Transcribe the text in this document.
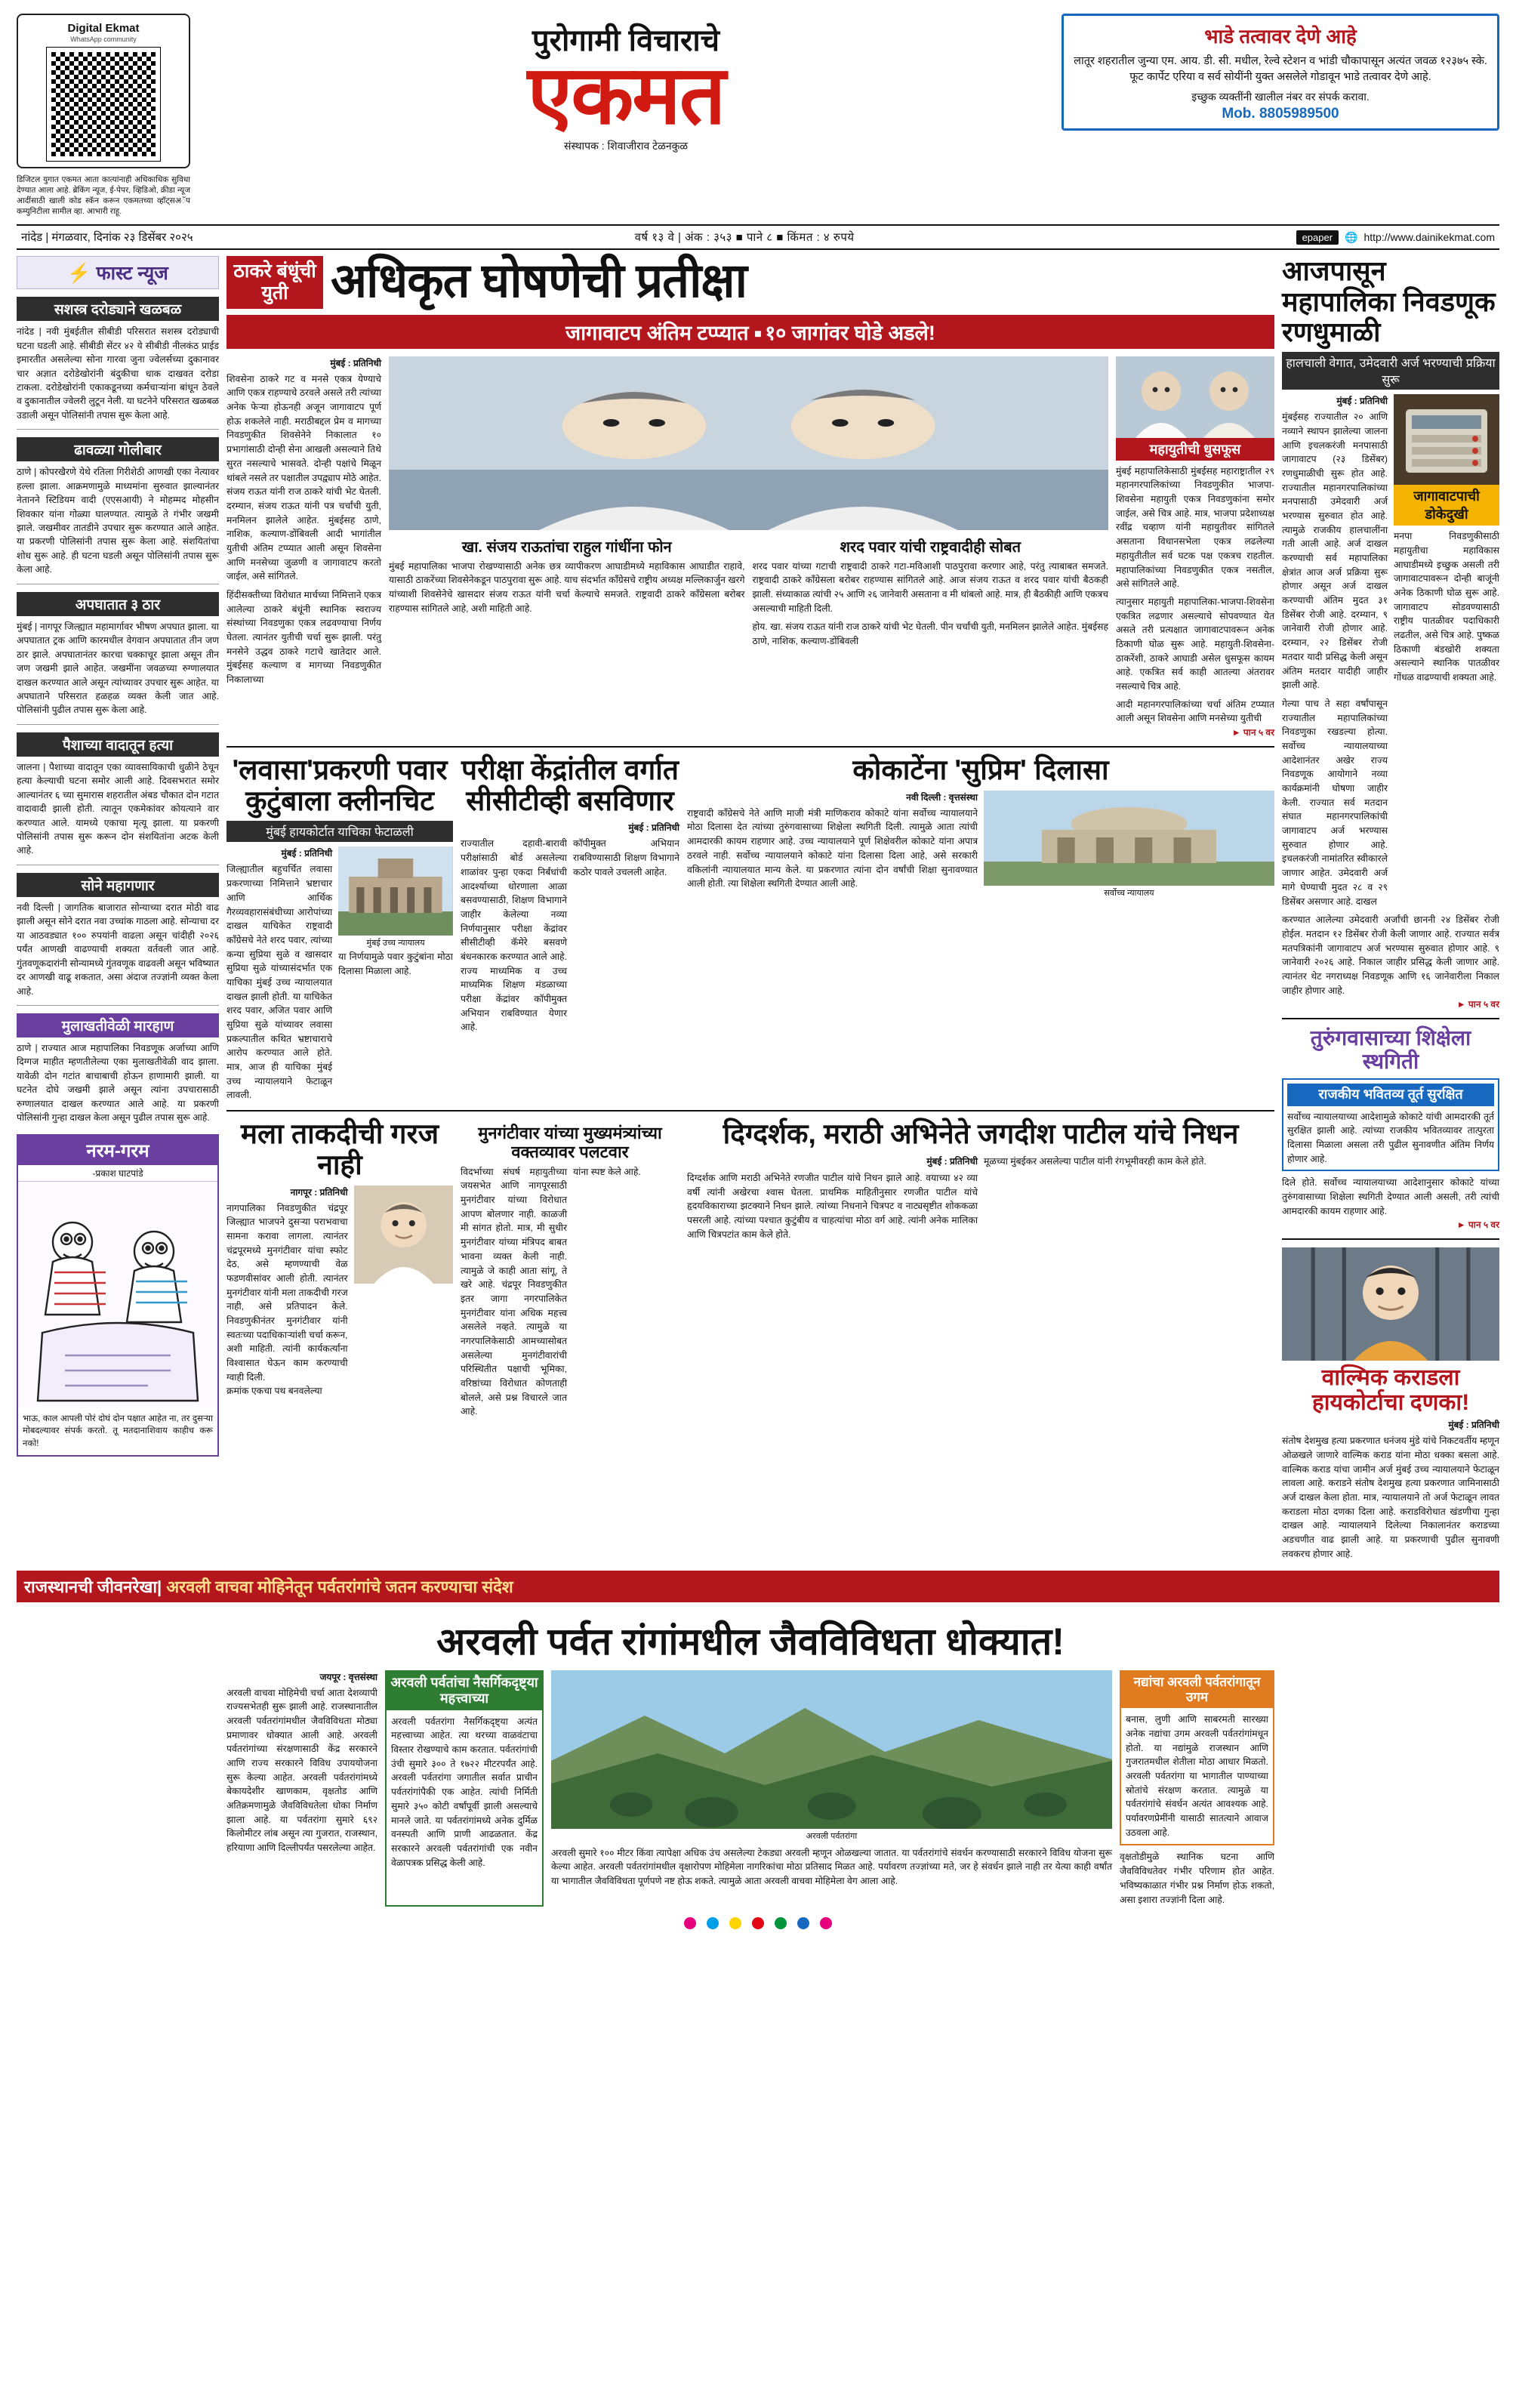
Digital Ekmat
WhatsApp community
डिजिटल युगात एकमत आता कात्यांनाही अधिकाधिक सुविधा देण्यात आला आहे. ब्रेकिंग न्यूज, ई-पेपर, व्हिडिओ, क्रीडा न्यूज आदींसाठी खाली कोड स्कॅन करून एकमतच्या व्हॉट्सअॅप कम्युनिटीला सामील व्हा. आभारी राहू.
पुरोगामी विचाराचे
एकमत
संस्थापक : शिवाजीराव टेळनकुळ
भाडे तत्वावर देणे आहे
लातूर शहरातील जुन्या एम. आय. डी. सी. मधील, रेल्वे स्टेशन व भांडी चौकापासून अत्यंत जवळ १२३७५ स्के. फूट कार्पेट एरिया व सर्व सोयींनी युक्त असलेले गोडावून भाडे तत्वावर देणे आहे.
इच्छुक व्यक्तींनी खालील नंबर वर संपर्क करावा.
Mob. 8805989500
नांदेड | मंगळवार, दिनांक २३ डिसेंबर २०२५	वर्ष १३ वे | अंक : ३५३ ■ पाने ८ ■ किंमत : ४ रुपये	epaper	🌐 http://www.dainikekmat.com
⚡ फास्ट न्यूज
सशस्त्र दरोड्याने खळबळ
नांदेड | नवी मुंबईतील सीबीडी परिसरात सशस्त्र दरोड्याची घटना घडली आहे. सीबीडी सेंटर ४२ ये सीबीडी नीलकंठ प्राईड इमारतीत असलेल्या सोना गारवा जुना ज्वेलर्सच्या दुकानावर चार अज्ञात दरोडेखोरांनी बंदुकीचा धाक दाखवत दरोडा टाकला. दरोडेखोरांनी एकाकडूनच्या कर्मचाऱ्यांना बांधून ठेवले व दुकानातील ज्वेलरी लुटून नेली. या घटनेने परिसरात खळबळ उडाली असून पोलिसांनी तपास सुरू केला आहे.
ढावळ्या गोलीबार
ठाणे | कोपरखैरणे येथे रतिला गिरीशेठी आणखी एका नेत्यावर हल्ला झाला. आक्रमणामुळे माध्यमांना सुरुवात झाल्यानंतर नेतानने स्टिडियम वादी (एएसआयी) ने मोहम्मद मोहसीन शिवकार यांना गोळ्या घालण्यात. त्यामुळे ते गंभीर जखमी झाले. जखमीवर तातडीने उपचार सुरू करण्यात आले आहेत. या प्रकरणी पोलिसांनी तपास सुरू केला आहे. संशयितांचा शोध सुरू आहे. ही घटना घडली असून पोलिसांनी तपास सुरू केला आहे.
अपघातात ३ ठार
मुंबई | नागपूर जिल्ह्यात महामार्गावर भीषण अपघात झाला. या अपघातात ट्रक आणि कारमधील वेगवान अपघातात तीन जण ठार झाले. अपघातानंतर कारचा चक्काचूर झाला असून तीन जण जखमी झाले आहेत. जखमींना जवळच्या रुग्णालयात दाखल करण्यात आले असून त्यांच्यावर उपचार सुरू आहेत. या अपघाताने परिसरात हळहळ व्यक्त केली जात आहे. पोलिसांनी पुढील तपास सुरू केला आहे.
पैशाच्या वादातून हत्या
जालना | पैशाच्या वादातून एका व्यावसायिकाची धुळीने ठेचून हत्या केल्याची घटना समोर आली आहे. दिवसभरात समोर आल्यानंतर ६ च्या सुमारास शहरातील अंबड चौकात दोन गटात वादावादी झाली होती. त्यातून एकमेकांवर कोयत्याने वार करण्यात आले. यामध्ये एकाचा मृत्यू झाला. या प्रकरणी पोलिसांनी तपास सुरू करून दोन संशयितांना अटक केली आहे.
सोने महागणार
नवी दिल्ली | जागतिक बाजारात सोन्याच्या दरात मोठी वाढ झाली असून सोने दरात नवा उच्चांक गाठला आहे. सोन्याचा दर या आठवड्यात १०० रुपयांनी वाढला असून चांदीही २०२६ पर्यंत आणखी वाढण्याची शक्यता वर्तवली जात आहे. गुंतवणूकदारांनी सोन्यामध्ये गुंतवणूक वाढवली असून भविष्यात दर आणखी वाढू शकतात, असा अंदाज तज्ज्ञांनी व्यक्त केला आहे.
मुलाखतीवेळी मारहाण
ठाणे | राज्यात आज महापालिका निवडणूक अर्जाच्या आणि दिग्गज माहीत म्हणतीलेल्या एका मुलाखतीवेळी वाद झाला. यावेळी दोन गटांत बाचाबाची होऊन हाणामारी झाली. या घटनेत दोघे जखमी झाले असून त्यांना उपचारासाठी रुग्णालयात दाखल करण्यात आले आहे. या प्रकरणी पोलिसांनी गुन्हा दाखल केला असून पुढील तपास सुरू आहे.
नरम-गरम
-प्रकाश घाटपांडे
भाऊ, काल आपली पोरं दोघं दोन पक्षात आहेत ना, तर दुसऱ्या मोबदल्यावर संपर्क करतो. तू मतदानाशिवाय काहीच करू नको!
ठाकरे बंधूंची युती अधिकृत घोषणेची प्रतीक्षा
जागावाटप अंतिम टप्प्यात ■ १० जागांवर घोडे अडले!
मुंबई : प्रतिनिधी
शिवसेना ठाकरे गट व मनसे एकत्र येण्याचे आणि एकत्र राहण्याचे ठरवले असले तरी त्यांच्या अनेक फेऱ्या होऊनही अजून जागावाटप पूर्ण होऊ शकलेले नाही. मराठीबद्दल प्रेम व मागच्या निवडणुकीत शिवसेनेने निकालात १० प्रभागांसाठी दोन्ही सेना आखली असल्याने तिथे सुरत नसल्याचे भासवते. दोन्ही पक्षांचे मिळून थांबले नसले तर पक्षातील उपद्व्याप मोठे आहेत. संजय राऊत यांनी राज ठाकरे यांची भेट घेतली. दरम्यान, संजय राऊत यांनी पत्र चर्चांची युती, मनमिलन झालेले आहेत. मुंबईसह ठाणे, नाशिक, कल्याण-डोंबिवली आदी भागांतील युतीची अंतिम टप्प्यात आली असून शिवसेना आणि मनसेच्या जुळणी व जागावाटप करतो जाईल, असे सांगितले.
हिंदीसक्तीच्या विरोधात मार्चच्या निमित्ताने एकत्र आलेल्या ठाकरे बंधूंनी स्थानिक स्वराज्य संस्थांच्या निवडणुका एकत्र लढवण्याचा निर्णय घेतला. त्यानंतर युतीची चर्चा सुरू झाली. परंतु मनसेने उद्धव ठाकरे गटाचे खातेदार आले. मुंबईसह कल्याण व मागच्या निवडणुकीत निकालाच्या
खा. संजय राऊतांचा राहुल गांधींना फोन
मुंबई महापालिका भाजपा रोखण्यासाठी अनेक छत्र व्यापीकरण आघाडीमध्ये महाविकास आघाडीत राहावे, यासाठी ठाकरेंच्या शिवसेनेकडून पाठपुरावा सुरू आहे. याच संदर्भात काँग्रेसचे राष्ट्रीय अध्यक्ष मल्लिकार्जुन खरगे यांच्याशी शिवसेनेचे खासदार संजय राऊत यांनी चर्चा केल्याचे समजते. राष्ट्रवादी ठाकरे काँग्रेसला बरोबर राहण्यास सांगितले आहे, अशी माहिती आहे.
शरद पवार यांची राष्ट्रवादीही सोबत
शरद पवार यांच्या गटाची राष्ट्रवादी ठाकरे गटा-मविआशी पाठपुरावा करणार आहे, परंतु त्याबाबत समजते. राष्ट्रवादी ठाकरे काँग्रेसला बरोबर राहण्यास सांगितले आहे. आज संजय राऊत व शरद पवार यांची बैठकही झाली. संध्याकाळ त्यांची २५ आणि २६ जानेवारी असताना व मी थांबलो आहे. मात्र, ही बैठकीही आणि एकत्रच असल्याची माहिती दिली.
होय. खा. संजय राऊत यांनी राज ठाकरे यांची भेट घेतली. पीन चर्चांची युती, मनमिलन झालेले आहेत. मुंबईसह ठाणे, नाशिक, कल्याण-डोंबिवली
महायुतीची धुसफूस
मुंबई महापालिकेसाठी मुंबईसह महाराष्ट्रातील २९ महानगरपालिकांच्या निवडणुकीत भाजपा-शिवसेना महायुती एकत्र निवडणुकांना समोर जाईल, असे चित्र आहे. मात्र, भाजपा प्रदेशाध्यक्ष रवींद्र चव्हाण यांनी महायुतीवर सांगितले असताना विधानसभेला एकत्र लढलेल्या महायुतीतील सर्व घटक पक्ष एकत्रच राहतील. महापालिकांच्या निवडणुकीत एकत्र नसतील, असे सांगितले आहे.
त्यानुसार महायुती महापालिका-भाजपा-शिवसेना एकत्रित लढणार असल्याचे सोपवण्यात येत असले तरी प्रत्यक्षात जागावाटपावरून अनेक ठिकाणी घोळ सुरू आहे. महायुती-शिवसेना-ठाकरेंशी, ठाकरे आघाडी असेल धुसफूस कायम आहे. एकत्रित सर्व काही आतल्या अंतरावर नसल्याचे चित्र आहे.
आदी महानगरपालिकांच्या चर्चा अंतिम टप्प्यात आली असून शिवसेना आणि मनसेच्या युतीची
► पान ५ वर
'लवासा'प्रकरणी पवार कुटुंबाला क्लीनचिट
मुंबई हायकोर्टात याचिका फेटाळली
मुंबई : प्रतिनिधी
जिल्ह्यातील बहुचर्चित लवासा प्रकरणाच्या निमित्ताने भ्रष्टाचार आणि आर्थिक गैरव्यवहारासंबंधीच्या आरोपांच्या दाखल याचिकेत राष्ट्रवादी काँग्रेसचे नेते शरद पवार, त्यांच्या कन्या सुप्रिया सुळे व खासदार सुप्रिया सुळे यांच्यासंदर्भात एक याचिका मुंबई उच्च न्यायालयात दाखल झाली होती. या याचिकेत शरद पवार, अजित पवार आणि सुप्रिया सुळे यांच्यावर लवासा प्रकल्पातील कथित भ्रष्टाचाराचे आरोप करण्यात आले होते. मात्र, आज ही याचिका मुंबई उच्च न्यायालयाने फेटाळून लावली.
मुंबई उच्च न्यायालय
या निर्णयामुळे पवार कुटुंबांना मोठा दिलासा मिळाला आहे.
परीक्षा केंद्रांतील वर्गात सीसीटीव्ही बसविणार
मुंबई : प्रतिनिधी
राज्यातील दहावी-बारावी परीक्षांसाठी बोर्ड असलेल्या शाळांवर पुन्हा एकदा निर्बंधांची आदर्श्याच्या धोरणाला आळा बसवण्यासाठी, शिक्षण विभागाने जाहीर केलेल्या नव्या निर्णयानुसार परीक्षा केंद्रांवर सीसीटीव्ही कॅमेरे बसवणे बंधनकारक करण्यात आले आहे. राज्य माध्यमिक व उच्च माध्यमिक शिक्षण मंडळाच्या परीक्षा केंद्रांवर कॉपीमुक्त अभियान राबविण्यात येणार आहे.
कॉपीमुक्त अभियान राबविण्यासाठी शिक्षण विभागाने कठोर पावले उचलली आहेत.
कोकाटेंना 'सुप्रिम' दिलासा
नवी दिल्ली : वृत्तसंस्था
राष्ट्रवादी काँग्रेसचे नेते आणि माजी मंत्री माणिकराव कोकाटे यांना सर्वोच्च न्यायालयाने मोठा दिलासा देत त्यांच्या तुरुंगवासाच्या शिक्षेला स्थगिती दिली. त्यामुळे आता त्यांची आमदारकी कायम राहणार आहे. उच्च न्यायालयाने पूर्ण शिक्षेवरील कोकाटे यांना अपात्र ठरवले नाही. सर्वोच्च न्यायालयाने कोकाटे यांना दिलासा दिला आहे, असे सरकारी वकिलांनी न्यायालयात मान्य केले. या प्रकरणात त्यांना दोन वर्षांची शिक्षा सुनावण्यात आली होती. त्या शिक्षेला स्थगिती देण्यात आली आहे.
सर्वोच्च न्यायालय
मला ताकदीची गरज नाही
नागपूर : प्रतिनिधी
नागपालिका निवडणुकीत चंद्रपूर जिल्ह्यात भाजपने दुसऱ्या पराभवाचा सामना करावा लागला. त्यानंतर चंद्रपूरमध्ये मुनगंटीवार यांचा स्फोट देठ, असे म्हणण्याची वेळ फडणवीसांवर आली होती. त्यानंतर मुनगंटीवार यांनी मला ताकदीची गरज नाही, असे प्रतिपादन केले. निवडणुकीनंतर मुनगंटीवार यांनी स्वतःच्या पदाधिकाऱ्यांशी चर्चा करून, अशी माहिती. त्यांनी कार्यकर्त्यांना विश्वासात घेऊन काम करण्याची ग्वाही दिली.
क्रमांक एकचा पथ बनवलेल्या
मुनगंटीवार यांच्या मुख्यमंत्र्यांच्या वक्तव्यावर पलटवार
विदर्भाच्या संघर्ष महायुतीच्या जयसभेत आणि नागपूरसाठी मुनगंटीवार यांच्या विरोधात आपण बोलणार नाही. काळजी मी सांगत होतो. मात्र, मी सुधीर मुनगंटीवार यांच्या मंत्रिपद बाबत भावना व्यक्त केली नाही. त्यामुळे जे काही आता सांगू, ते खरे आहे. चंद्रपूर निवडणुकीत इतर जागा नगरपालिकेत मुनगंटीवार यांना अधिक महत्त्व असलेले नव्हते. त्यामुळे या नगरपालिकेसाठी आमच्यासोबत असलेल्या मुनगंटीवारांची परिस्थितीत पक्षाची भूमिका, वरिष्ठांच्या विरोधात कोणताही बोलले, असे प्रश्न विचारले जात आहे.
यांना स्पष्ट केले आहे.
दिग्दर्शक, मराठी अभिनेते जगदीश पाटील यांचे निधन
मुंबई : प्रतिनिधी
दिग्दर्शक आणि मराठी अभिनेते रणजीत पाटील यांचे निधन झाले आहे. वयाच्या ४२ व्या वर्षी त्यांनी अखेरचा श्वास घेतला. प्राथमिक माहितीनुसार रणजीत पाटील यांचे हृदयविकाराच्या झटक्याने निधन झाले. त्यांच्या निधनाने चित्रपट व नाट्यसृष्टीत शोककळा पसरली आहे. त्यांच्या पश्चात कुटुंबीय व चाहत्यांचा मोठा वर्ग आहे. त्यांनी अनेक मालिका आणि चित्रपटांत काम केले होते.
मूळच्या मुंबईकर असलेल्या पाटील यांनी रंगभूमीवरही काम केले होते.
आजपासून महापालिका निवडणूक रणधुमाळी
हालचाली वेगात, उमेदवारी अर्ज भरण्याची प्रक्रिया सुरू
मुंबई : प्रतिनिधी
मुंबईसह राज्यातील २० आणि नव्याने स्थापन झालेल्या जालना आणि इचलकरंजी मनपासाठी जागावाटप (२३ डिसेंबर) रणधुमाळीची सुरू होत आहे. राज्यातील महानगरपालिकांच्या मनपासाठी उमेदवारी अर्ज भरण्यास सुरुवात होत आहे. त्यामुळे राजकीय हालचालींना गती आली आहे. अर्ज दाखल करण्याची सर्व महापालिका क्षेत्रांत आज अर्ज प्रक्रिया सुरू होणार असून अर्ज दाखल करण्याची अंतिम मुदत ३१ डिसेंबर रोजी आहे. दरम्यान, ९ जानेवारी रोजी होणार आहे. दरम्यान, २२ डिसेंबर रोजी मतदार यादी प्रसिद्ध केली असून अंतिम मतदार यादीही जाहीर झाली आहे.
गेल्या पाच ते सहा वर्षांपासून राज्यातील महापालिकांच्या निवडणुका रखडल्या होत्या. सर्वोच्च न्यायालयाच्या आदेशानंतर अखेर राज्य निवडणूक आयोगाने नव्या कार्यक्रमांनी घोषणा जाहीर केली. राज्यात सर्व मतदान संघात महानगरपालिकांची जागावाटप अर्ज भरण्यास सुरुवात होणार आहे. इचलकरंजी नामांतरित स्वीकारले जाणार आहेत. उमेदवारी अर्ज मागे घेण्याची मुदत २८ व २९ डिसेंबर असणार आहे. दाखल
जागावाटपाची डोकेदुखी
मनपा निवडणुकीसाठी महायुतीचा महाविकास आघाडीमध्ये इच्छुक असली तरी जागावाटपावरून दोन्ही बाजूंनी अनेक ठिकाणी घोळ सुरू आहे. जागावाटप सोडवण्यासाठी राष्ट्रीय पातळीवर पदाधिकारी लढतील, असे चित्र आहे. पुष्कळ ठिकाणी बंडखोरी शक्यता असल्याने स्थानिक पातळीवर गोंधळ वाढण्याची शक्यता आहे.
करण्यात आलेल्या उमेदवारी अर्जांची छाननी २४ डिसेंबर रोजी होईल. मतदान १२ डिसेंबर रोजी केली जाणार आहे. राज्यात सर्वत्र मतपत्रिकांनी जागावाटप अर्ज भरण्यास सुरुवात होणार आहे. ९ जानेवारी २०२६ आहे. निकाल जाहीर प्रसिद्ध केली जाणार आहे. त्यानंतर थेट नगराध्यक्ष निवडणूक आणि १६ जानेवारीला निकाल जाहीर होणार आहे.
► पान ५ वर
तुरुंगवासाच्या शिक्षेला स्थगिती
राजकीय भवितव्य तूर्त सुरक्षित
सर्वोच्च न्यायालयाच्या आदेशामुळे कोकाटे यांची आमदारकी तूर्त सुरक्षित झाली आहे. त्यांच्या राजकीय भवितव्यावर तात्पुरता दिलासा मिळाला असला तरी पुढील सुनावणीत अंतिम निर्णय होणार आहे.
दिले होते. सर्वोच्च न्यायालयाच्या आदेशानुसार कोकाटे यांच्या तुरुंगवासाच्या शिक्षेला स्थगिती देण्यात आली असली, तरी त्यांची आमदारकी कायम राहणार आहे.
► पान ५ वर
वाल्मिक कराडला हायकोर्टाचा दणका!
मुंबई : प्रतिनिधी
संतोष देशमुख हत्या प्रकरणात धनंजय मुंडे यांचे निकटवर्तीय म्हणून ओळखले जाणारे वाल्मिक कराड यांना मोठा धक्का बसला आहे. वाल्मिक कराड यांचा जामीन अर्ज मुंबई उच्च न्यायालयाने फेटाळून लावला आहे. कराडने संतोष देशमुख हत्या प्रकरणात जामिनासाठी अर्ज दाखल केला होता. मात्र, न्यायालयाने तो अर्ज फेटाळून लावत कराडला मोठा दणका दिला आहे. कराडविरोधात खंडणीचा गुन्हा दाखल आहे. न्यायालयाने दिलेल्या निकालानंतर कराडच्या अडचणीत वाढ झाली आहे. या प्रकरणाची पुढील सुनावणी लवकरच होणार आहे.
राजस्थानची जीवनरेखा| अरवली वाचवा मोहिनेतून पर्वतरांगांचे जतन करण्याचा संदेश
अरवली पर्वत रांगांमधील जैवविविधता धोक्यात!
जयपूर : वृत्तसंस्था
अरवली वाचवा मोहिमेची चर्चा आता देशव्यापी राज्यसभेतही सुरू झाली आहे. राजस्थानातील अरवली पर्वतरांगांमधील जैवविविधता मोठ्या प्रमाणावर धोक्यात आली आहे. अरवली पर्वतरांगांच्या संरक्षणासाठी केंद्र सरकारने आणि राज्य सरकारने विविध उपाययोजना सुरू केल्या आहेत. अरवली पर्वतरांगांमध्ये बेकायदेशीर खाणकाम, वृक्षतोड आणि अतिक्रमणामुळे जैवविविधतेला धोका निर्माण झाला आहे. या पर्वतरांगा सुमारे ६९२ किलोमीटर लांब असून त्या गुजरात, राजस्थान, हरियाणा आणि दिल्लीपर्यंत पसरलेल्या आहेत.
अरवली पर्वतांचा नैसर्गिकदृष्ट्या महत्त्वाच्या
अरवली पर्वतरांगा नैसर्गिकदृष्ट्या अत्यंत महत्त्वाच्या आहेत. त्या थरच्या वाळवंटाचा विस्तार रोखण्याचे काम करतात. पर्वतरांगांची उंची सुमारे ३०० ते १७२२ मीटरपर्यंत आहे. अरवली पर्वतरांगा जगातील सर्वात प्राचीन पर्वतरांगांपैकी एक आहेत. त्यांची निर्मिती सुमारे ३५० कोटी वर्षांपूर्वी झाली असल्याचे मानले जाते. या पर्वतरांगांमध्ये अनेक दुर्मिळ वनस्पती आणि प्राणी आढळतात. केंद्र सरकारने अरवली पर्वतरांगांची एक नवीन वेळापत्रक प्रसिद्ध केली आहे.
अरवली पर्वतरांगा
अरवली सुमारे १०० मीटर किंवा त्यापेक्षा अधिक उंच असलेल्या टेकड्या अरवली म्हणून ओळखल्या जातात. या पर्वतरांगांचे संवर्धन करण्यासाठी सरकारने विविध योजना सुरू केल्या आहेत. अरवली पर्वतरांगांमधील वृक्षारोपण मोहिमेला नागरिकांचा मोठा प्रतिसाद मिळत आहे. पर्यावरण तज्ज्ञांच्या मते, जर हे संवर्धन झाले नाही तर येत्या काही वर्षांत या भागातील जैवविविधता पूर्णपणे नष्ट होऊ शकते. त्यामुळे आता अरवली वाचवा मोहिमेला वेग आला आहे.
नद्यांचा अरवली पर्वतरांगातून उगम
बनास, लुणी आणि साबरमती सारख्या अनेक नद्यांचा उगम अरवली पर्वतरांगांमधून होतो. या नद्यांमुळे राजस्थान आणि गुजरातमधील शेतीला मोठा आधार मिळतो. अरवली पर्वतरांगा या भागातील पाण्याच्या स्रोतांचे संरक्षण करतात. त्यामुळे या पर्वतरांगांचे संवर्धन अत्यंत आवश्यक आहे. पर्यावरणप्रेमींनी यासाठी सातत्याने आवाज उठवला आहे.
वृक्षतोडीमुळे स्थानिक घटना आणि जैवविविधतेवर गंभीर परिणाम होत आहेत. भविष्यकाळात गंभीर प्रश्न निर्माण होऊ शकतो, असा इशारा तज्ज्ञांनी दिला आहे.
